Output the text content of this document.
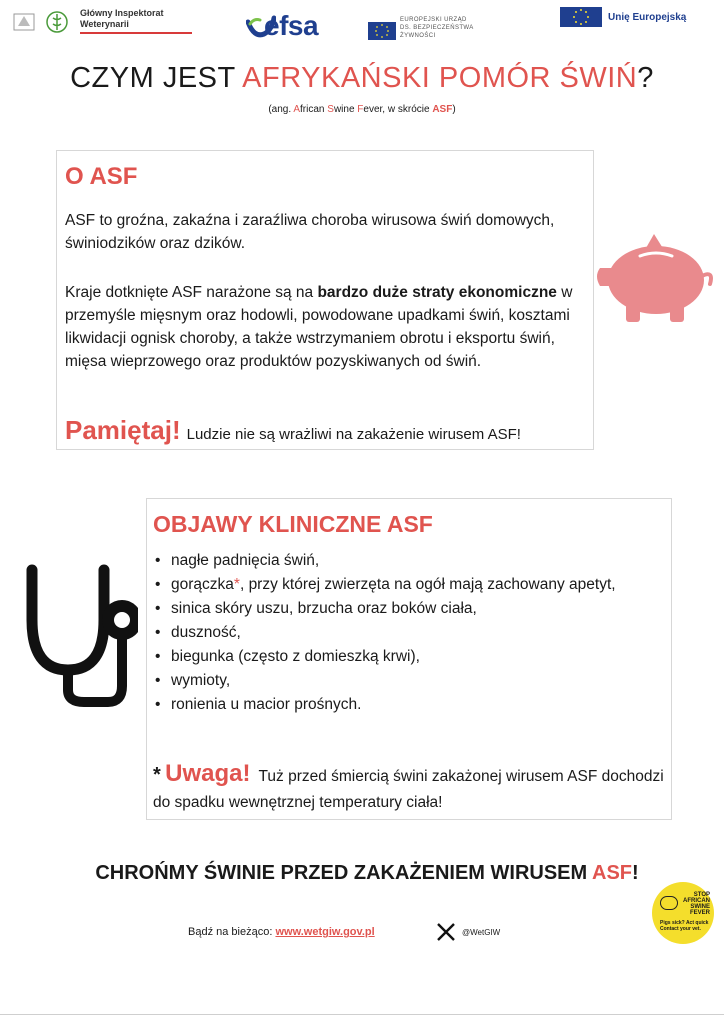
Główny Inspektorat
Weterynarii	efsa	EUROPEJSKI URZĄD
DS. BEZPIECZEŃSTWA
ŻYWNOŚCI
Unię Europejską
CZYM JEST AFRYKAŃSKI POMÓR ŚWIŃ?
(ang. African Swine Fever, w skrócie ASF)
O ASF

ASF to groźna, zakaźna i zaraźliwa choroba wirusowa świń domowych, świniodzików oraz dzików.

Kraje dotknięte ASF narażone są na bardzo duże straty ekonomiczne w przemyśle mięsnym oraz hodowli, powodowane upadkami świń, kosztami likwidacji ognisk choroby, a także wstrzymaniem obrotu i eksportu świń, mięsa wieprzowego oraz produktów pozyskiwanych od świń.

Pamiętaj! Ludzie nie są wrażliwi na zakażenie wirusem ASF!
OBJAWY KLINICZNE ASF
• nagłe padnięcia świń,
• gorączka*, przy której zwierzęta na ogół mają zachowany apetyt,
• sinica skóry uszu, brzucha oraz boków ciała,
• duszność,
• biegunka (często z domieszką krwi),
• wymioty,
• ronienia u macior prośnych.

* Uwaga! Tuż przed śmiercią świni zakażonej wirusem ASF dochodzi do spadku wewnętrznej temperatury ciała!

CHROŃMY ŚWINIE PRZED ZAKAŻENIEM WIRUSEM ASF!
Bądź na bieżąco: www.wetgiw.gov.pl	@WetGIW
STOP
AFRICAN
SWINE
FEVER
Pigs sick? Act quick
Contact your vet.
